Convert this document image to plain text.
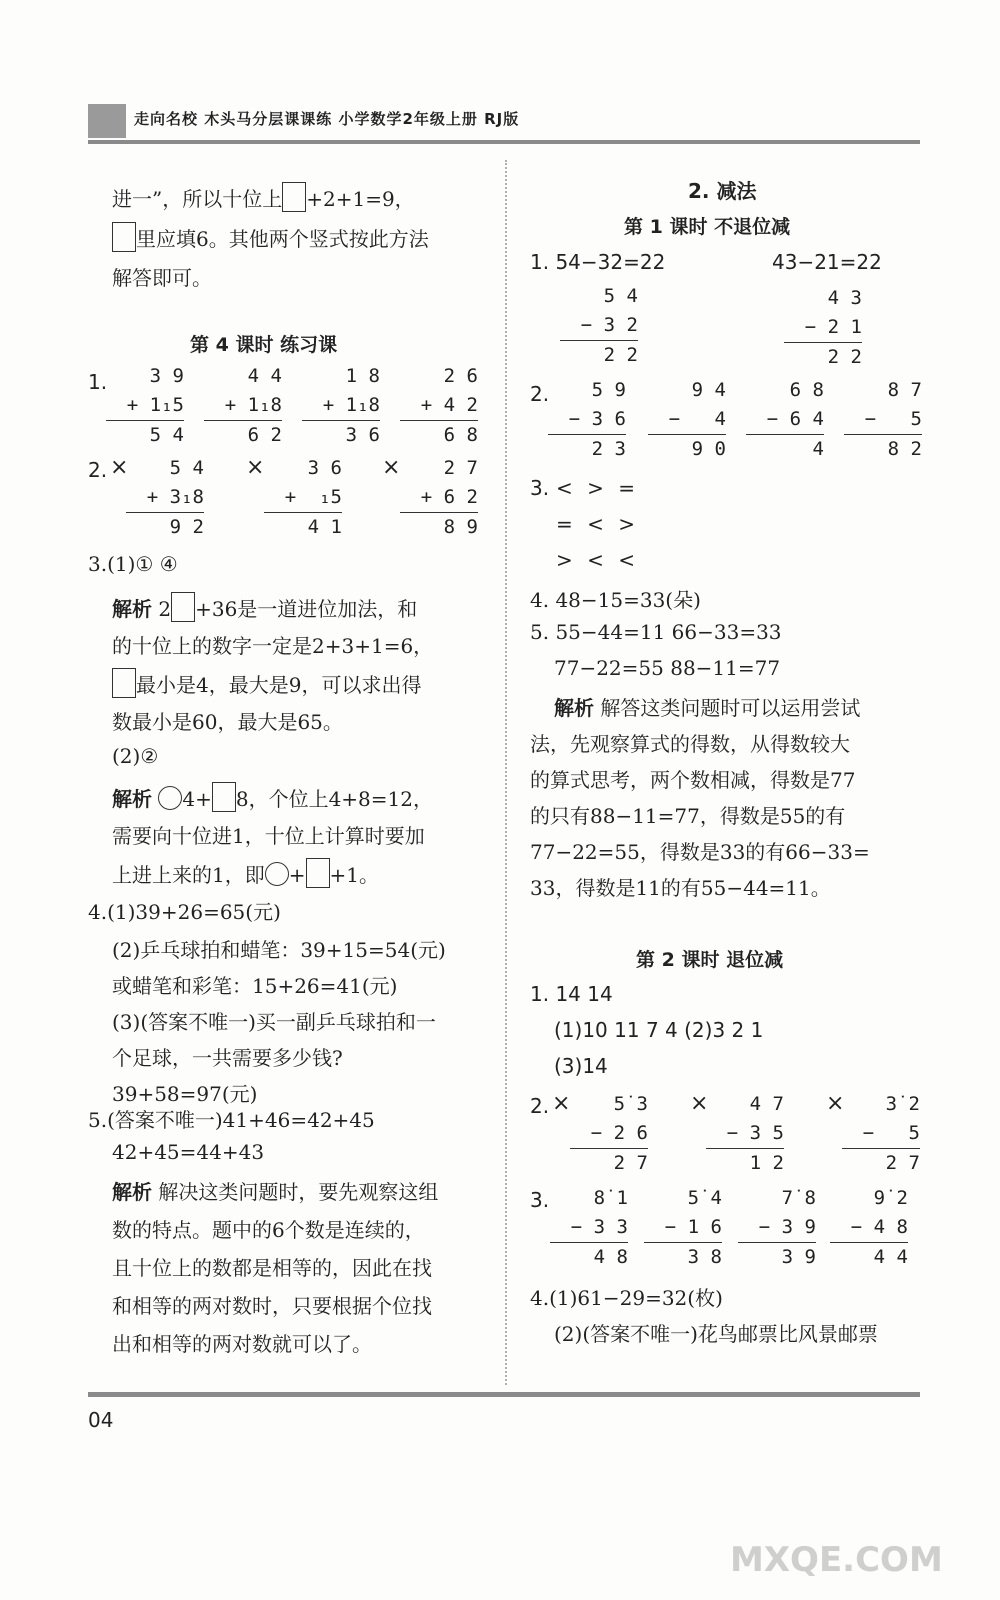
走向名校 木头马分层课课练 小学数学2年级上册 RJ版
进一”，所以十位上 +2+1=9，
里应填6。其他两个竖式按此方法
解答即可。
第 4 课时 练习课
1.	3 9
+ 1₁5
5 4
4 4
+ 1₁8
6 2
1 8
+ 1₁8
3 6
2 6
+ 4 2
6 8
2. ×	5 4
+ 3₁8
9 2
×	3 6
+ ₁5
4 1
×	2 7
+ 6 2
8 9
3.(1)① ④
解析 2 +36是一道进位加法，和
的十位上的数字一定是2+3+1=6，
最小是4，最大是9，可以求出得
数最小是60，最大是65。
(2)②
解析 4+ 8，个位上4+8=12，
需要向十位进1，十位上计算时要加
上进上来的1，即 + +1。
4.(1)39+26=65(元)
(2)乒乓球拍和蜡笔：39+15=54(元)
或蜡笔和彩笔：15+26=41(元)
(3)(答案不唯一)买一副乒乓球拍和一
个足球，一共需要多少钱?
39+58=97(元)
5.(答案不唯一)41+46=42+45
42+45=44+43
解析 解决这类问题时，要先观察这组
数的特点。题中的6个数是连续的，
且十位上的数都是相等的，因此在找
和相等的两对数时，只要根据个位找
出和相等的两对数就可以了。
2. 减法
第 1 课时 不退位减
1. 54−32=22	43−21=22
5 4
− 3 2
2 2
4 3
− 2 1
2 2
2.	5 9
− 3 6
2 3
9 4
− 4
9 0
6 8
− 6 4
4
8 7
− 5
8 2
3. < > =
= < >
> < <
4. 48−15=33(朵)
5. 55−44=11 66−33=33
77−22=55 88−11=77
解析 解答这类问题时可以运用尝试
法，先观察算式的得数，从得数较大
的算式思考，两个数相减，得数是77
的只有88−11=77，得数是55的有
77−22=55，得数是33的有66−33=
33，得数是11的有55−44=11。
第 2 课时 退位减
1. 14 14
(1)10 11 7 4 (2)3 2 1
(3)14
2. ×	5̇ 3
− 2 6
2 7
×	4 7
− 3 5
1 2
×	3̇ 2
− 5
2 7
3.	8̇ 1
− 3 3
4 8
5̇ 4
− 1 6
3 8
7̇ 8
− 3 9
3 9
9̇ 2
− 4 8
4 4
4.(1)61−29=32(枚)
(2)(答案不唯一)花鸟邮票比风景邮票
04
MXQE.COM
